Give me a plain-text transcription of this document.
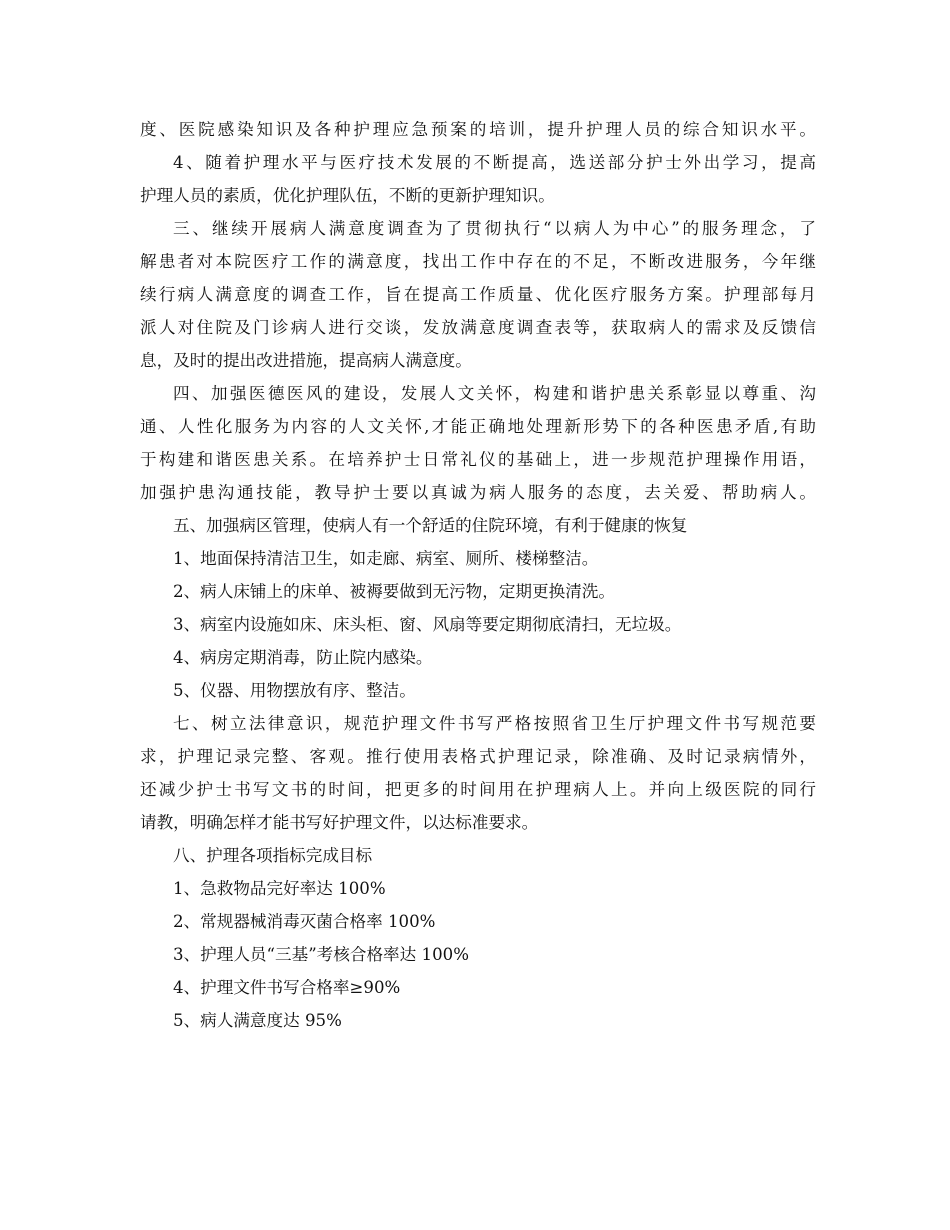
度、医院感染知识及各种护理应急预案的培训，提升护理人员的综合知识水平。
4、随着护理水平与医疗技术发展的不断提高，选送部分护士外出学习，提高
护理人员的素质，优化护理队伍，不断的更新护理知识。
三、继续开展病人满意度调查为了贯彻执行“以病人为中心”的服务理念，了
解患者对本院医疗工作的满意度，找出工作中存在的不足，不断改进服务，今年继
续行病人满意度的调查工作，旨在提高工作质量、优化医疗服务方案。护理部每月
派人对住院及门诊病人进行交谈，发放满意度调查表等，获取病人的需求及反馈信
息，及时的提出改进措施，提高病人满意度。
四、加强医德医风的建设，发展人文关怀，构建和谐护患关系彰显以尊重、沟
通、人性化服务为内容的人文关怀,才能正确地处理新形势下的各种医患矛盾,有助
于构建和谐医患关系。在培养护士日常礼仪的基础上，进一步规范护理操作用语，
加强护患沟通技能，教导护士要以真诚为病人服务的态度，去关爱、帮助病人。
五、加强病区管理，使病人有一个舒适的住院环境，有利于健康的恢复
1、地面保持清洁卫生，如走廊、病室、厕所、楼梯整洁。
2、病人床铺上的床单、被褥要做到无污物，定期更换清洗。
3、病室内设施如床、床头柜、窗、风扇等要定期彻底清扫，无垃圾。
4、病房定期消毒，防止院内感染。
5、仪器、用物摆放有序、整洁。
七、树立法律意识，规范护理文件书写严格按照省卫生厅护理文件书写规范要
求，护理记录完整、客观。推行使用表格式护理记录，除准确、及时记录病情外，
还减少护士书写文书的时间，把更多的时间用在护理病人上。并向上级医院的同行
请教，明确怎样才能书写好护理文件，以达标准要求。
八、护理各项指标完成目标
1、急救物品完好率达 100%
2、常规器械消毒灭菌合格率 100%
3、护理人员“三基”考核合格率达 100%
4、护理文件书写合格率≥90%
5、病人满意度达 95%
